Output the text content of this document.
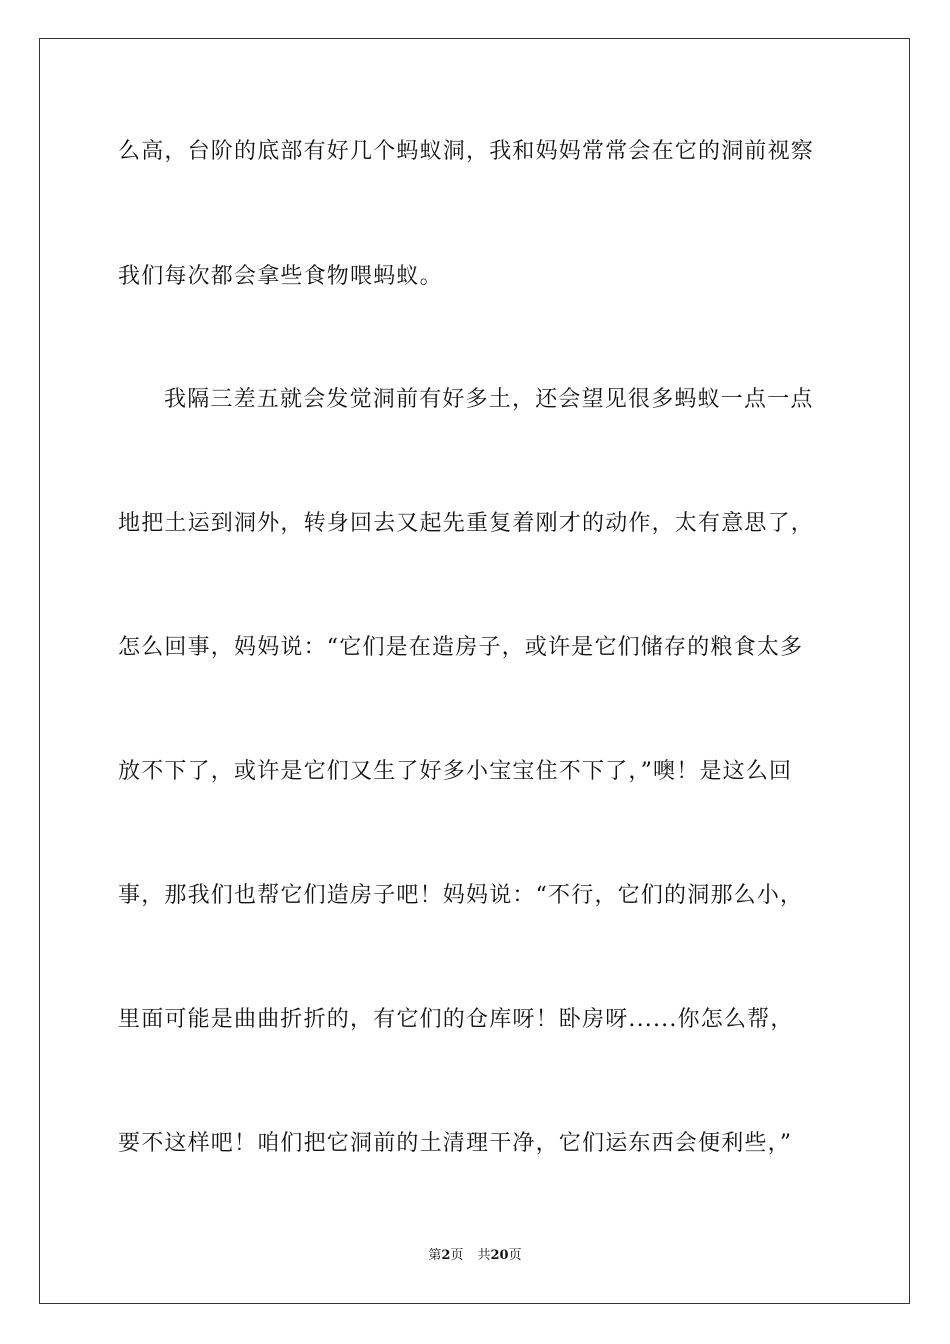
么高，台阶的底部有好几个蚂蚁洞，我和妈妈常常会在它的洞前视察
我们每次都会拿些食物喂蚂蚁。
我隔三差五就会发觉洞前有好多土，还会望见很多蚂蚁一点一点
地把土运到洞外，转身回去又起先重复着刚才的动作，太有意思了，
怎么回事，妈妈说：“它们是在造房子，或许是它们储存的粮食太多
放不下了，或许是它们又生了好多小宝宝住不下了，”噢！是这么回
事，那我们也帮它们造房子吧！妈妈说：“不行，它们的洞那么小，
里面可能是曲曲折折的，有它们的仓库呀！卧房呀......你怎么帮，
要不这样吧！咱们把它洞前的土清理干净，它们运东西会便利些，”
第2页 共20页
